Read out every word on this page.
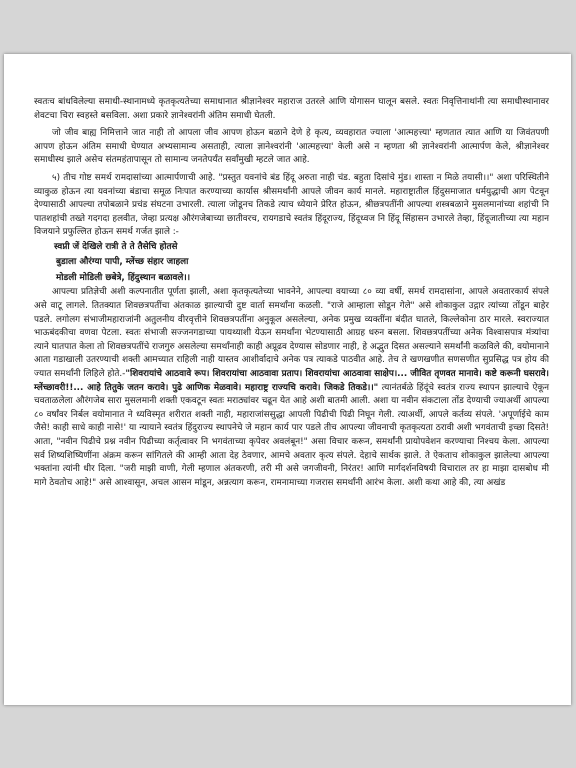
स्वतःच बांधविलेल्या समाधी-स्थानामध्ये कृतकृत्यतेच्या समाधानात श्रीज्ञानेश्वर महाराज उतरले आणि योगासन घालून बसले. स्वतः निवृत्तिनाथांनी त्या समाधीस्थानावर शेवटचा चिरा स्वहस्ते बसविला. अशा प्रकारे ज्ञानेश्वरांनी अंतिम समाधी घेतली.

जो जीव बाह्य निमित्ताने जात नाही तो आपला जीव आपण होऊन बळाने देणे हे कृत्य, व्यवहारात ज्याला 'आत्महत्त्या' म्हणतात त्यात आणि या जिवंतपणी आपण होऊन अंतिम समाधी घेण्यात अभ्यसामान्य असताही, त्याला ज्ञानेश्वरांनी 'आत्महत्त्या' केली असे न म्हणता श्री ज्ञानेश्वरांनी आत्मार्पण केले, श्रीज्ञानेश्वर समाधीस्थ झाले असेच संतमहंतापासून तो सामान्य जनतेपर्यंत सर्वांमुखी म्हटले जात आहे.

५) तीच गोष्ट समर्थ रामदासांच्या आत्मार्पणाची आहे. "प्रस्तुत यवनांचे बंड हिंदू अरुता नाही चंड. बहुता दिसांचे मुंड। शास्ता न मिळे तयासी।।" अशा परिस्थितीने व्याकुळ होऊन त्या यवनांच्या बंडाचा समूळ निःपात करण्याच्या कार्यास श्रीसमर्थांनी आपले जीवन कार्य मानले. महाराष्ट्रातील हिंदुसमाजात धर्मयुद्धाची आग पेटवून देण्यासाठी आपल्या तपोबळाने प्रचंड संघटना उभारली. त्याला जोडूनच तिकडे त्याच ध्येयाने प्रेरित होऊन, श्रीछत्रपतींनी आपल्या शस्त्रबळाने मुसलमानांच्या शहांची नि पातशहांची तख्ते गदगदा हलवीत, जेव्हा प्रत्यक्ष औरंगजेबाच्या छातीवरच, रायगडाचे स्वतंत्र हिंदूराज्य, हिंदूध्वज नि हिंदू सिंहासन उभारले तेव्हा, हिंदूजातीच्या त्या महान विजयाने प्रफुल्लित होऊन समर्थ गर्जत झाले :-

स्वप्नी जें देखिले रात्री ते ते तैसेचि होतसे

बुडाला औरंग्या पापी, म्लेंच्छ संहार जाहला

मोडली मोडिली छबेत्रे, हिंदुस्थान बळावले।।

आपल्या प्रतिज्ञेची अशी कल्पनातीत पूर्णता झाली, अशा कृतकृत्यतेच्या भावनेने, आपल्या वयाच्या ८० व्या वर्षी, समर्थ रामदासांना, आपले अवतारकार्य संपले असे वाटू लागले. तितक्यात शिवछत्रपतींचा अंतकाळ झाल्याची दुष्ट वार्ता समर्थांना कळली. "राजे आम्हाला सोडून गेले" असे शोकाकुल उद्गार त्यांच्या तोंडून बाहेर पडले. लगोलग संभाजीमहाराजांनी अतुलनीय वीरवृत्तीने शिवछत्रपतींना अनुकूल असलेल्या, अनेक प्रमुख व्यक्तींना बंदीत घातले, किल्लेकोना ठार मारले. स्वराज्यात भाऊबंदकीचा वणवा पेटला. स्वतः संभाजी सज्जनगडाच्या पायथ्याशी येऊन समर्थांना भेटण्यासाठी आग्रह धरुन बसला. शिवछत्रपतींच्या अनेक विश्वासपात्र मंत्र्यांचा त्याने घातपात केला तो शिवछत्रपतींचे राजगुरु असलेल्या समर्थांनाही काही अप्रूढव देण्यास सोडणार नाही, हे अद्भुत दिसत असल्याने समर्थांनी कळविले की, वयोमानाने आता गडाखाली उतरण्याची शक्ती आमच्यात राहिली नाही यास्तव आशीर्वादाचे अनेक पत्र त्याकडे पाठवीत आहे. तेच ते खणखणीत सणसणीत सुप्रसिद्ध पत्र होय की ज्यात समर्थांनी लिहिले होते.-"शिवरायांचे आठवावे रूप। शिवरायांचा आठवावा प्रताप। शिवरायांचा आठवावा साक्षेप।... जीवित तृणवत मानावे। कष्टे करूनी घसरावे। म्लेंच्छावरी!!... आहे तितुके जतन करावे। पुढे आणिक मेळवावे। महाराष्ट्र राज्यचि करावे। जिकडे तिकडे।।" त्यानंतर्बळे हिंदूंचे स्वतंत्र राज्य स्थापन झाल्याचे ऐकून चवताळलेला औरंगजेब सारा मुसलमानी शक्ती एकवटून स्वतः मराठ्यांवर चढून येत आहे अशी बातमी आली. अशा या नवीन संकटाला तोंड देण्याची ज्याअर्थी आपल्या ८० वर्षांवर निर्बल वयोमानात ने ध्यविस्मृत शरीरात शक्ती नाही, महाराजांससुद्धा आपली पिढीची पिढी निघून गेली. त्याअर्थी, आपले कर्तव्य संपले. 'अपूर्णाईचे काम जैसे! काही साधे काही नासे!' या न्यायाने स्वतंत्र हिंदुराज्य स्थापनेचे जे महान कार्य पार पडले तीच आपल्या जीवनाची कृतकृत्यता ठरावी अशी भगवंताची इच्छा दिसते! आता, "नवीन पिढीचे प्रश्न नवीन पिढीच्या कर्तृत्वावर नि भगवंताच्या कृपेवर अवलंबून!" असा विचार करून, समर्थांनी प्रायोपवेशन करण्याचा निश्चय केला. आपल्या सर्व शिष्यशिष्यिणींना अंक्रम करून सांगितले की आम्ही आता देह ठेवणार, आमचे अवतार कृत्य संपले. देहाचे सार्थक झाले. ते ऐकताच शोकाकुल झालेल्या आपल्या भक्तांना त्यांनी धीर दिला. "जरी माझी वाणी, गेली म्हणाल अंतकरणी, तरी मी असे जगजीवनी, निरंतर! आणि मार्गदर्शनविषयी विचाराल तर हा माझा दासबोध मी मागे ठेवतोच आहे!" असे आश्वासून, अचल आसन मांडून, अन्नत्याग करून, रामनामाच्या गजरास समर्थांनी आरंभ केला. अशी कथा आहे की, त्या अखंड
